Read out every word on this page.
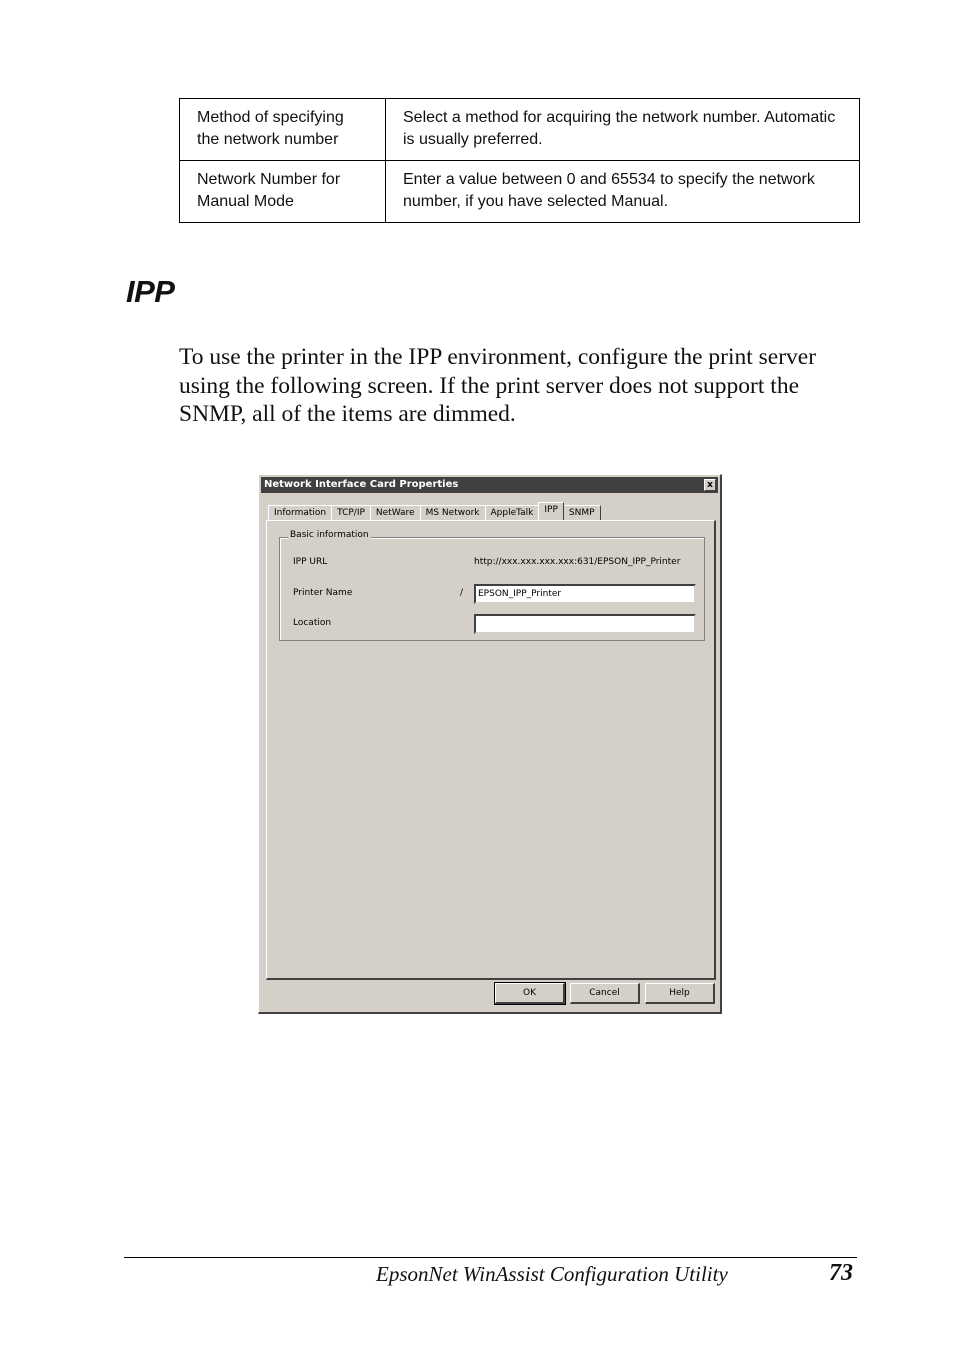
Method of specifying the network number	Select a method for acquiring the network number. Automatic is usually preferred.
Network Number for Manual Mode	Enter a value between 0 and 65534 to specify the network number, if you have selected Manual.
IPP

To use the printer in the IPP environment, configure the print server using the following screen. If the print server does not support the SNMP, all of the items are dimmed.

Network Interface Card Properties	x
Information	TCP/IP	NetWare	MS Network	AppleTalk	IPP	SNMP
Basic information
IPP URL	http://xxx.xxx.xxx.xxx:631/EPSON_IPP_Printer
Printer Name	/	EPSON_IPP_Printer
Location
OK	Cancel	Help
EpsonNet WinAssist Configuration Utility	73
